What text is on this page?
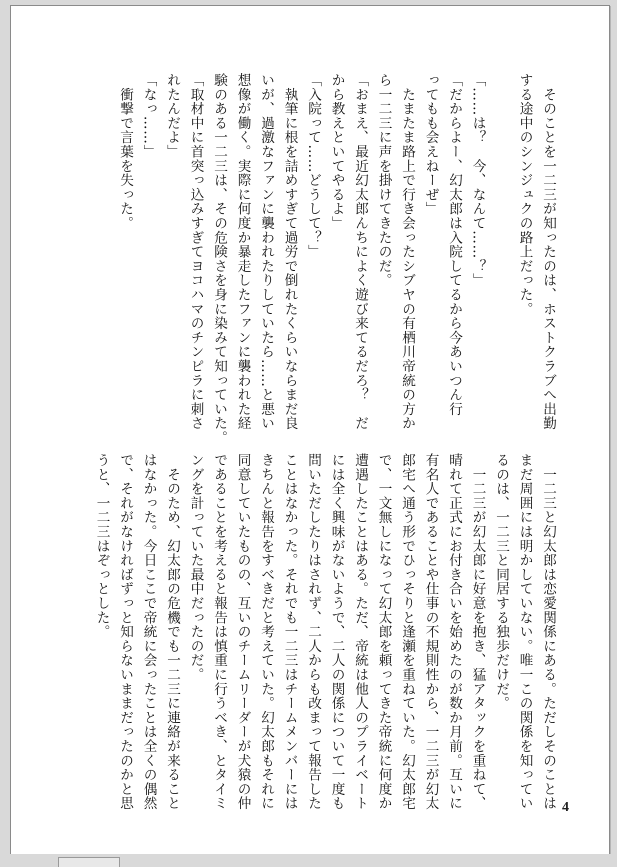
　そのことを一二三が知ったのは、ホストクラブへ出勤

する途中のシンジュクの路上だった。

「……は？　今、なんて……？」

「だからよー、幻太郎は入院してるから今あいつん行

ってもも会えねーぜ」

　たまたま路上で行き会ったシブヤの有栖川帝統の方か

ら一二三に声を掛けてきたのだ。

「おまえ、最近幻太郎んちによく遊び来てるだろ？　だ

から教えといてやるよ」

「入院って……どうして？」

　執筆に根を詰めすぎて過労で倒れたくらいならまだ良

いが、過激なファンに襲われたりしていたら……と悪い

想像が働く。実際に何度か暴走したファンに襲われた経

験のある一二三は、その危険さを身に染みて知っていた。

「取材中に首突っ込みすぎてヨコハマのチンピラに刺さ

れたんだよ」

「なっ……」

　衝撃で言葉を失った。

　一二三と幻太郎は恋愛関係にある。ただしそのことは

まだ周囲には明かしていない。唯一この関係を知ってい

るのは、一二三と同居する独歩だけだ。

　一二三が幻太郎に好意を抱き、猛アタックを重ねて、

晴れて正式にお付き合いを始めたのが数か月前。互いに

有名人であることや仕事の不規則性から、一二三が幻太

郎宅へ通う形でひっそりと逢瀬を重ねていた。幻太郎宅

で、一文無しになって幻太郎を頼ってきた帝統に何度か

遭遇したことはある。ただ、帝統は他人のプライベート

には全く興味がないようで、二人の関係について一度も

問いただしたりはされず、二人からも改まって報告した

ことはなかった。それでも一二三はチームメンバーには

きちんと報告をすべきだと考えていた。幻太郎もそれに

同意していたものの、互いのチームリーダーが犬猿の仲

であることを考えると報告は慎重に行うべき、とタイミ

ングを計っていた最中だったのだ。

　そのため、幻太郎の危機でも一二三に連絡が来ること

はなかった。今日ここで帝統に会ったことは全くの偶然

で、それがなければずっと知らないままだったのかと思

うと、一二三はぞっとした。

4
